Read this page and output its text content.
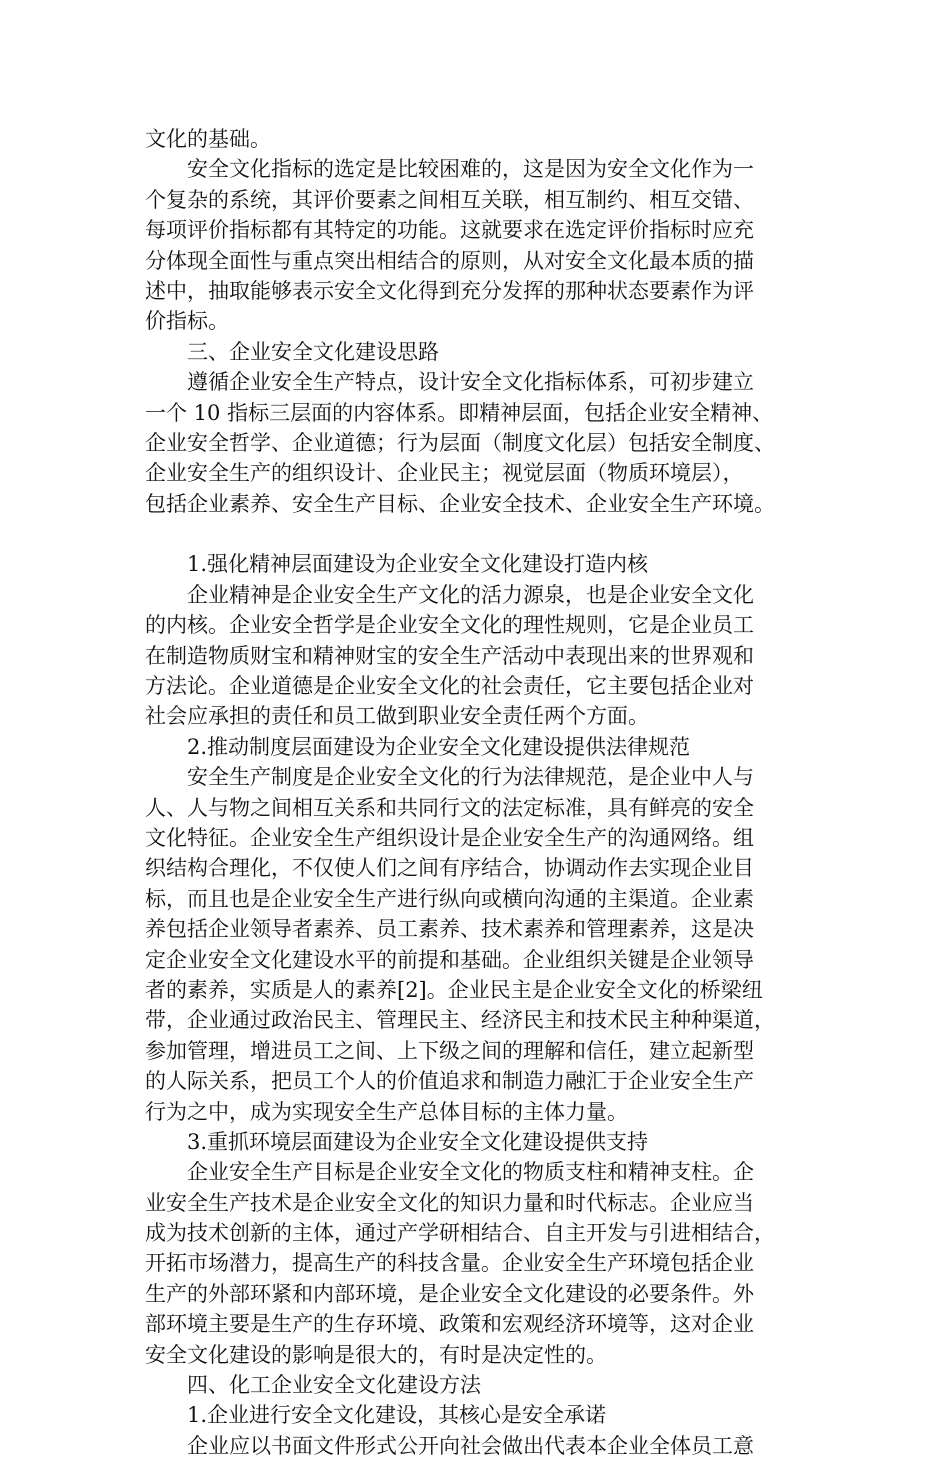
文化的基础。
安全文化指标的选定是比较困难的，这是因为安全文化作为一
个复杂的系统，其评价要素之间相互关联，相互制约、相互交错、
每项评价指标都有其特定的功能。这就要求在选定评价指标时应充
分体现全面性与重点突出相结合的原则，从对安全文化最本质的描
述中，抽取能够表示安全文化得到充分发挥的那种状态要素作为评
价指标。
三、企业安全文化建设思路
遵循企业安全生产特点，设计安全文化指标体系，可初步建立
一个 10 指标三层面的内容体系。即精神层面，包括企业安全精神、
企业安全哲学、企业道德；行为层面（制度文化层）包括安全制度、
企业安全生产的组织设计、企业民主；视觉层面（物质环境层），
包括企业素养、安全生产目标、企业安全技术、企业安全生产环境。
1.强化精神层面建设为企业安全文化建设打造内核
企业精神是企业安全生产文化的活力源泉，也是企业安全文化
的内核。企业安全哲学是企业安全文化的理性规则，它是企业员工
在制造物质财宝和精神财宝的安全生产活动中表现出来的世界观和
方法论。企业道德是企业安全文化的社会责任，它主要包括企业对
社会应承担的责任和员工做到职业安全责任两个方面。
2.推动制度层面建设为企业安全文化建设提供法律规范
安全生产制度是企业安全文化的行为法律规范，是企业中人与
人、人与物之间相互关系和共同行文的法定标准，具有鲜亮的安全
文化特征。企业安全生产组织设计是企业安全生产的沟通网络。组
织结构合理化，不仅使人们之间有序结合，协调动作去实现企业目
标，而且也是企业安全生产进行纵向或横向沟通的主渠道。企业素
养包括企业领导者素养、员工素养、技术素养和管理素养，这是决
定企业安全文化建设水平的前提和基础。企业组织关键是企业领导
者的素养，实质是人的素养[2]。企业民主是企业安全文化的桥梁纽
带，企业通过政治民主、管理民主、经济民主和技术民主种种渠道，
参加管理，增进员工之间、上下级之间的理解和信任，建立起新型
的人际关系，把员工个人的价值追求和制造力融汇于企业安全生产
行为之中，成为实现安全生产总体目标的主体力量。
3.重抓环境层面建设为企业安全文化建设提供支持
企业安全生产目标是企业安全文化的物质支柱和精神支柱。企
业安全生产技术是企业安全文化的知识力量和时代标志。企业应当
成为技术创新的主体，通过产学研相结合、自主开发与引进相结合，
开拓市场潜力，提高生产的科技含量。企业安全生产环境包括企业
生产的外部环紧和内部环境，是企业安全文化建设的必要条件。外
部环境主要是生产的生存环境、政策和宏观经济环境等，这对企业
安全文化建设的影响是很大的，有时是决定性的。
四、化工企业安全文化建设方法
1.企业进行安全文化建设，其核心是安全承诺
企业应以书面文件形式公开向社会做出代表本企业全体员工意
